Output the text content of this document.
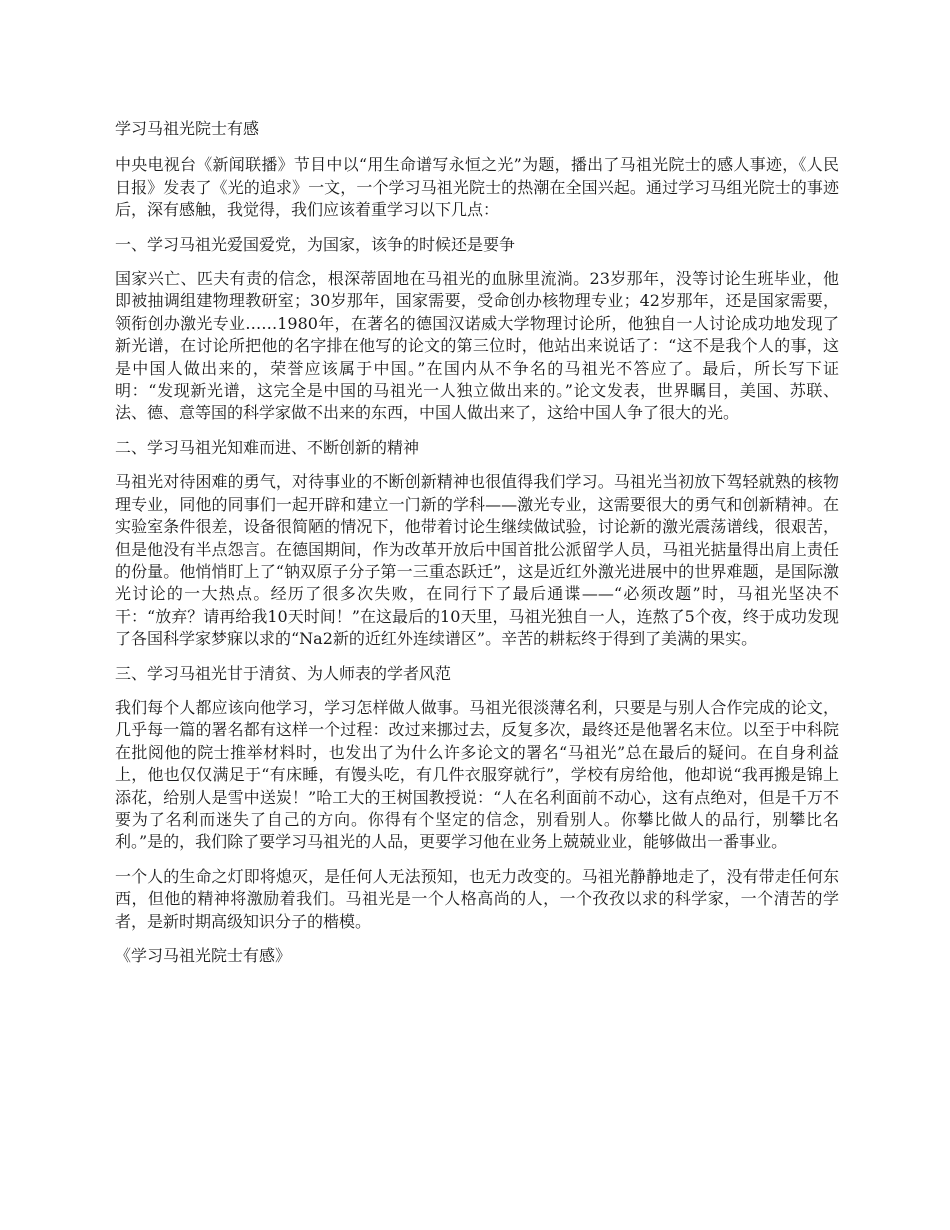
学习马祖光院士有感

中央电视台《新闻联播》节目中以“用生命谱写永恒之光”为题，播出了马祖光院士的感人事迹，《人民日报》发表了《光的追求》一文，一个学习马祖光院士的热潮在全国兴起。通过学习马组光院士的事迹后，深有感触，我觉得，我们应该着重学习以下几点：

一、学习马祖光爱国爱党，为国家，该争的时候还是要争

国家兴亡、匹夫有责的信念，根深蒂固地在马祖光的血脉里流淌。23岁那年，没等讨论生班毕业，他即被抽调组建物理教研室；30岁那年，国家需要，受命创办核物理专业；42岁那年，还是国家需要，领衔创办激光专业……1980年，在著名的德国汉诺威大学物理讨论所，他独自一人讨论成功地发现了新光谱，在讨论所把他的名字排在他写的论文的第三位时，他站出来说话了：“这不是我个人的事，这是中国人做出来的，荣誉应该属于中国。”在国内从不争名的马祖光不答应了。最后，所长写下证明：“发现新光谱，这完全是中国的马祖光一人独立做出来的。”论文发表，世界瞩目，美国、苏联、法、德、意等国的科学家做不出来的东西，中国人做出来了，这给中国人争了很大的光。

二、学习马祖光知难而进、不断创新的精神

马祖光对待困难的勇气，对待事业的不断创新精神也很值得我们学习。马祖光当初放下驾轻就熟的核物理专业，同他的同事们一起开辟和建立一门新的学科——激光专业，这需要很大的勇气和创新精神。在实验室条件很差，设备很简陋的情况下，他带着讨论生继续做试验，讨论新的激光震荡谱线，很艰苦，但是他没有半点怨言。在德国期间，作为改革开放后中国首批公派留学人员，马祖光掂量得出肩上责任的份量。他悄悄盯上了“钠双原子分子第一三重态跃迁”，这是近红外激光进展中的世界难题，是国际激光讨论的一大热点。经历了很多次失败，在同行下了最后通谍——“必须改题”时，马祖光坚决不干：“放弃？请再给我10天时间！”在这最后的10天里，马祖光独自一人，连熬了5个夜，终于成功发现了各国科学家梦寐以求的“Na2新的近红外连续谱区”。辛苦的耕耘终于得到了美满的果实。

三、学习马祖光甘于清贫、为人师表的学者风范

我们每个人都应该向他学习，学习怎样做人做事。马祖光很淡薄名利，只要是与别人合作完成的论文，几乎每一篇的署名都有这样一个过程：改过来挪过去，反复多次，最终还是他署名末位。以至于中科院在批阅他的院士推举材料时，也发出了为什么许多论文的署名“马祖光”总在最后的疑问。在自身利益上，他也仅仅满足于“有床睡，有馒头吃，有几件衣服穿就行”，学校有房给他，他却说“我再搬是锦上添花，给别人是雪中送炭！”哈工大的王树国教授说：“人在名利面前不动心，这有点绝对，但是千万不要为了名利而迷失了自己的方向。你得有个坚定的信念，别看别人。你攀比做人的品行，别攀比名利。”是的，我们除了要学习马祖光的人品，更要学习他在业务上兢兢业业，能够做出一番事业。

一个人的生命之灯即将熄灭，是任何人无法预知，也无力改变的。马祖光静静地走了，没有带走任何东西，但他的精神将激励着我们。马祖光是一个人格高尚的人，一个孜孜以求的科学家，一个清苦的学者，是新时期高级知识分子的楷模。

《学习马祖光院士有感》
